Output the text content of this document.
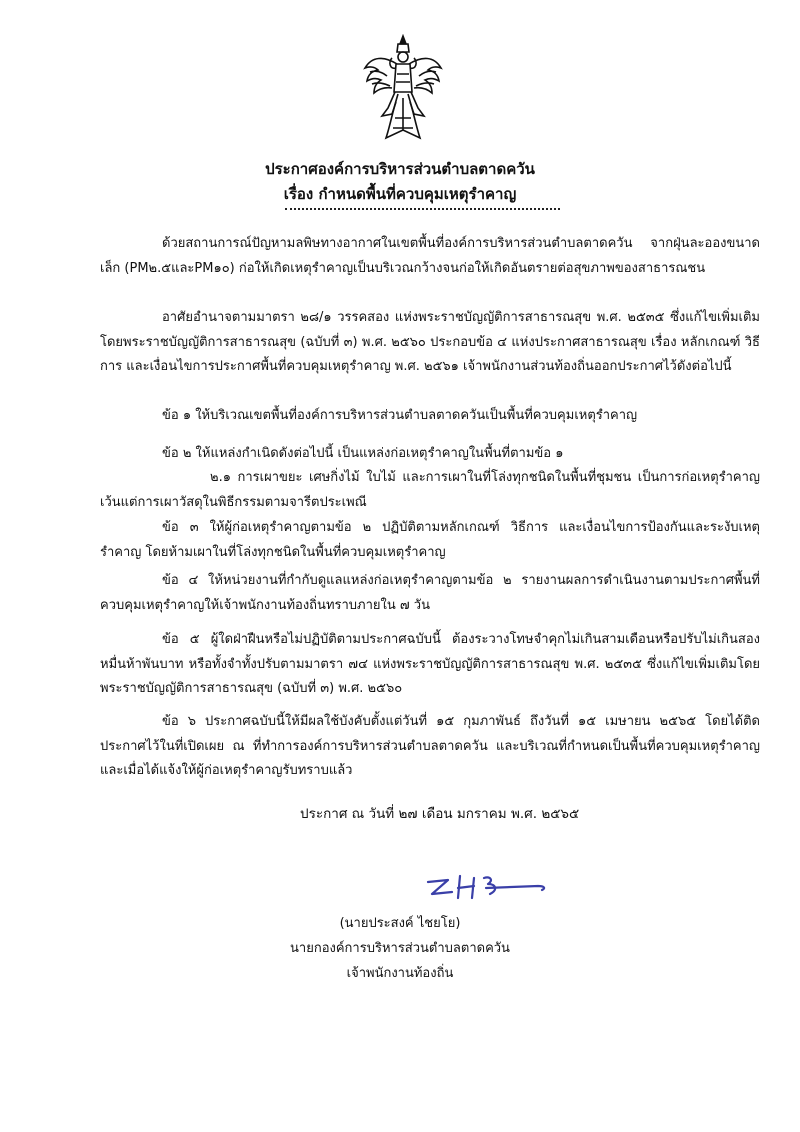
ประกาศองค์การบริหารส่วนตำบลตาดควัน
เรื่อง กำหนดพื้นที่ควบคุมเหตุรำคาญ
ด้วยสถานการณ์ปัญหามลพิษทางอากาศในเขตพื้นที่องค์การบริหารส่วนตำบลตาดควัน จากฝุ่นละอองขนาดเล็ก (PM๒.๕และPM๑๐) ก่อให้เกิดเหตุรำคาญเป็นบริเวณกว้างจนก่อให้เกิดอันตรายต่อสุขภาพของสาธารณชน
อาศัยอำนาจตามมาตรา ๒๘/๑ วรรคสอง แห่งพระราชบัญญัติการสาธารณสุข พ.ศ. ๒๕๓๕ ซึ่งแก้ไขเพิ่มเติมโดยพระราชบัญญัติการสาธารณสุข (ฉบับที่ ๓) พ.ศ. ๒๕๖๐ ประกอบข้อ ๔ แห่งประกาศสาธารณสุข เรื่อง หลักเกณฑ์ วิธีการ และเงื่อนไขการประกาศพื้นที่ควบคุมเหตุรำคาญ พ.ศ. ๒๕๖๑ เจ้าพนักงานส่วนท้องถิ่นออกประกาศไว้ดังต่อไปนี้
ข้อ ๑ ให้บริเวณเขตพื้นที่องค์การบริหารส่วนตำบลตาดควันเป็นพื้นที่ควบคุมเหตุรำคาญ
ข้อ ๒ ให้แหล่งกำเนิดดังต่อไปนี้ เป็นแหล่งก่อเหตุรำคาญในพื้นที่ตามข้อ ๑
๒.๑ การเผาขยะ เศษกิ่งไม้ ใบไม้ และการเผาในที่โล่งทุกชนิดในพื้นที่ชุมชน เป็นการก่อเหตุรำคาญ เว้นแต่การเผาวัสดุในพิธีกรรมตามจารีตประเพณี
ข้อ ๓ ให้ผู้ก่อเหตุรำคาญตามข้อ ๒ ปฏิบัติตามหลักเกณฑ์ วิธีการ และเงื่อนไขการป้องกันและระงับเหตุรำคาญ โดยห้ามเผาในที่โล่งทุกชนิดในพื้นที่ควบคุมเหตุรำคาญ
ข้อ ๔ ให้หน่วยงานที่กำกับดูแลแหล่งก่อเหตุรำคาญตามข้อ ๒ รายงานผลการดำเนินงานตามประกาศพื้นที่ควบคุมเหตุรำคาญให้เจ้าพนักงานท้องถิ่นทราบภายใน ๗ วัน
ข้อ ๕ ผู้ใดฝ่าฝืนหรือไม่ปฏิบัติตามประกาศฉบับนี้ ต้องระวางโทษจำคุกไม่เกินสามเดือนหรือปรับไม่เกินสองหมื่นห้าพันบาท หรือทั้งจำทั้งปรับตามมาตรา ๗๔ แห่งพระราชบัญญัติการสาธารณสุข พ.ศ. ๒๕๓๕ ซึ่งแก้ไขเพิ่มเติมโดยพระราชบัญญัติการสาธารณสุข (ฉบับที่ ๓) พ.ศ. ๒๕๖๐
ข้อ ๖ ประกาศฉบับนี้ให้มีผลใช้บังคับตั้งแต่วันที่ ๑๕ กุมภาพันธ์ ถึงวันที่ ๑๕ เมษายน ๒๕๖๕ โดยได้ติดประกาศไว้ในที่เปิดเผย ณ ที่ทำการองค์การบริหารส่วนตำบลตาดควัน และบริเวณที่กำหนดเป็นพื้นที่ควบคุมเหตุรำคาญ และเมื่อได้แจ้งให้ผู้ก่อเหตุรำคาญรับทราบแล้ว
ประกาศ ณ วันที่ ๒๗ เดือน มกราคม พ.ศ. ๒๕๖๕
(นายประสงค์ ไชยโย)
นายกองค์การบริหารส่วนตำบลตาดควัน
เจ้าพนักงานท้องถิ่น
